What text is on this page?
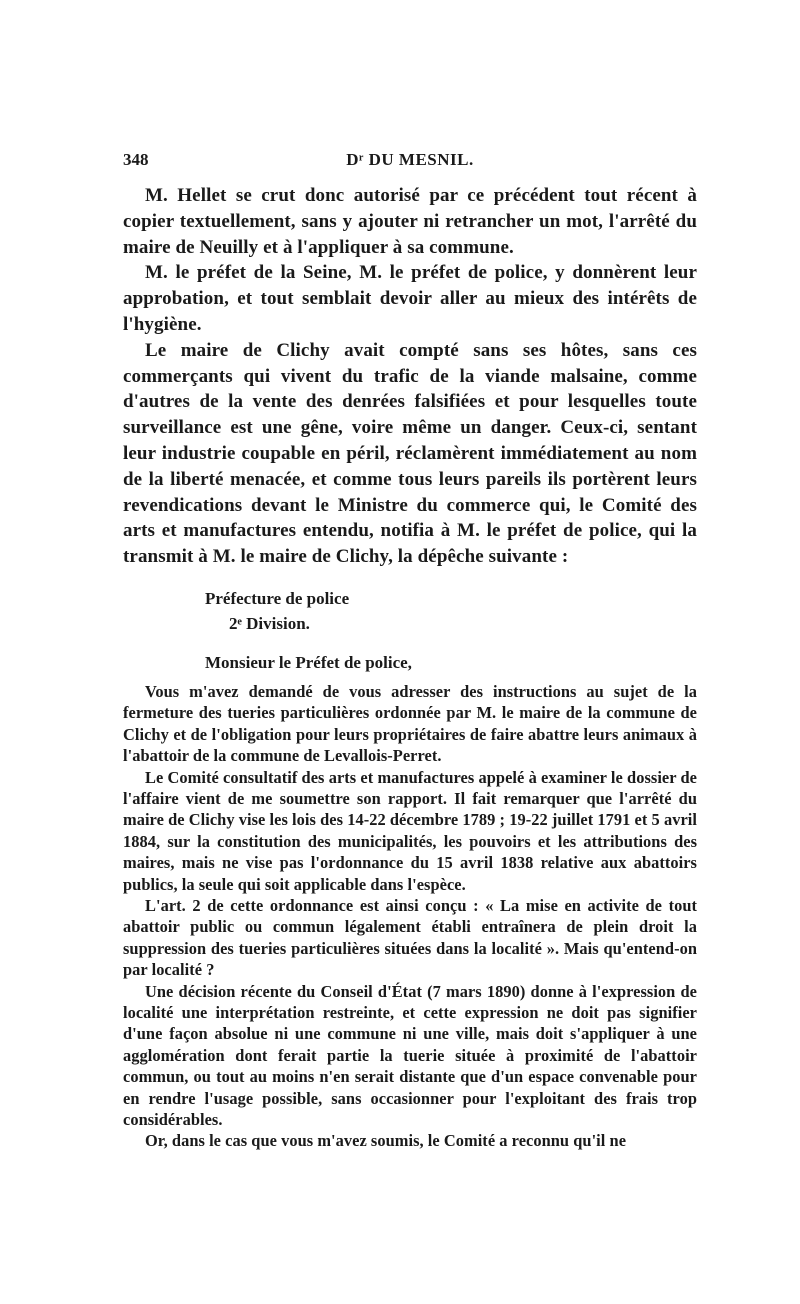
348	Dʳ DU MESNIL.

M. Hellet se crut donc autorisé par ce précédent tout récent à copier textuellement, sans y ajouter ni retrancher un mot, l'arrêté du maire de Neuilly et à l'appliquer à sa commune.

M. le préfet de la Seine, M. le préfet de police, y donnèrent leur approbation, et tout semblait devoir aller au mieux des intérêts de l'hygiène.

Le maire de Clichy avait compté sans ses hôtes, sans ces commerçants qui vivent du trafic de la viande malsaine, comme d'autres de la vente des denrées falsifiées et pour lesquelles toute surveillance est une gêne, voire même un danger. Ceux-ci, sentant leur industrie coupable en péril, réclamèrent immédiatement au nom de la liberté menacée, et comme tous leurs pareils ils portèrent leurs revendications devant le Ministre du commerce qui, le Comité des arts et manufactures entendu, notifia à M. le préfet de police, qui la transmit à M. le maire de Clichy, la dépêche suivante :

Préfecture de police
2ᵉ Division.
Monsieur le Préfet de police,

Vous m'avez demandé de vous adresser des instructions au sujet de la fermeture des tueries particulières ordonnée par M. le maire de la commune de Clichy et de l'obligation pour leurs propriétaires de faire abattre leurs animaux à l'abattoir de la commune de Levallois-Perret.

Le Comité consultatif des arts et manufactures appelé à examiner le dossier de l'affaire vient de me soumettre son rapport. Il fait remarquer que l'arrêté du maire de Clichy vise les lois des 14-22 décembre 1789 ; 19-22 juillet 1791 et 5 avril 1884, sur la constitution des municipalités, les pouvoirs et les attributions des maires, mais ne vise pas l'ordonnance du 15 avril 1838 relative aux abattoirs publics, la seule qui soit applicable dans l'espèce.

L'art. 2 de cette ordonnance est ainsi conçu : « La mise en activite de tout abattoir public ou commun légalement établi entraînera de plein droit la suppression des tueries particulières situées dans la localité ». Mais qu'entend-on par localité ?

Une décision récente du Conseil d'État (7 mars 1890) donne à l'expression de localité une interprétation restreinte, et cette expression ne doit pas signifier d'une façon absolue ni une commune ni une ville, mais doit s'appliquer à une agglomération dont ferait partie la tuerie située à proximité de l'abattoir commun, ou tout au moins n'en serait distante que d'un espace convenable pour en rendre l'usage possible, sans occasionner pour l'exploitant des frais trop considérables.

Or, dans le cas que vous m'avez soumis, le Comité a reconnu qu'il ne
